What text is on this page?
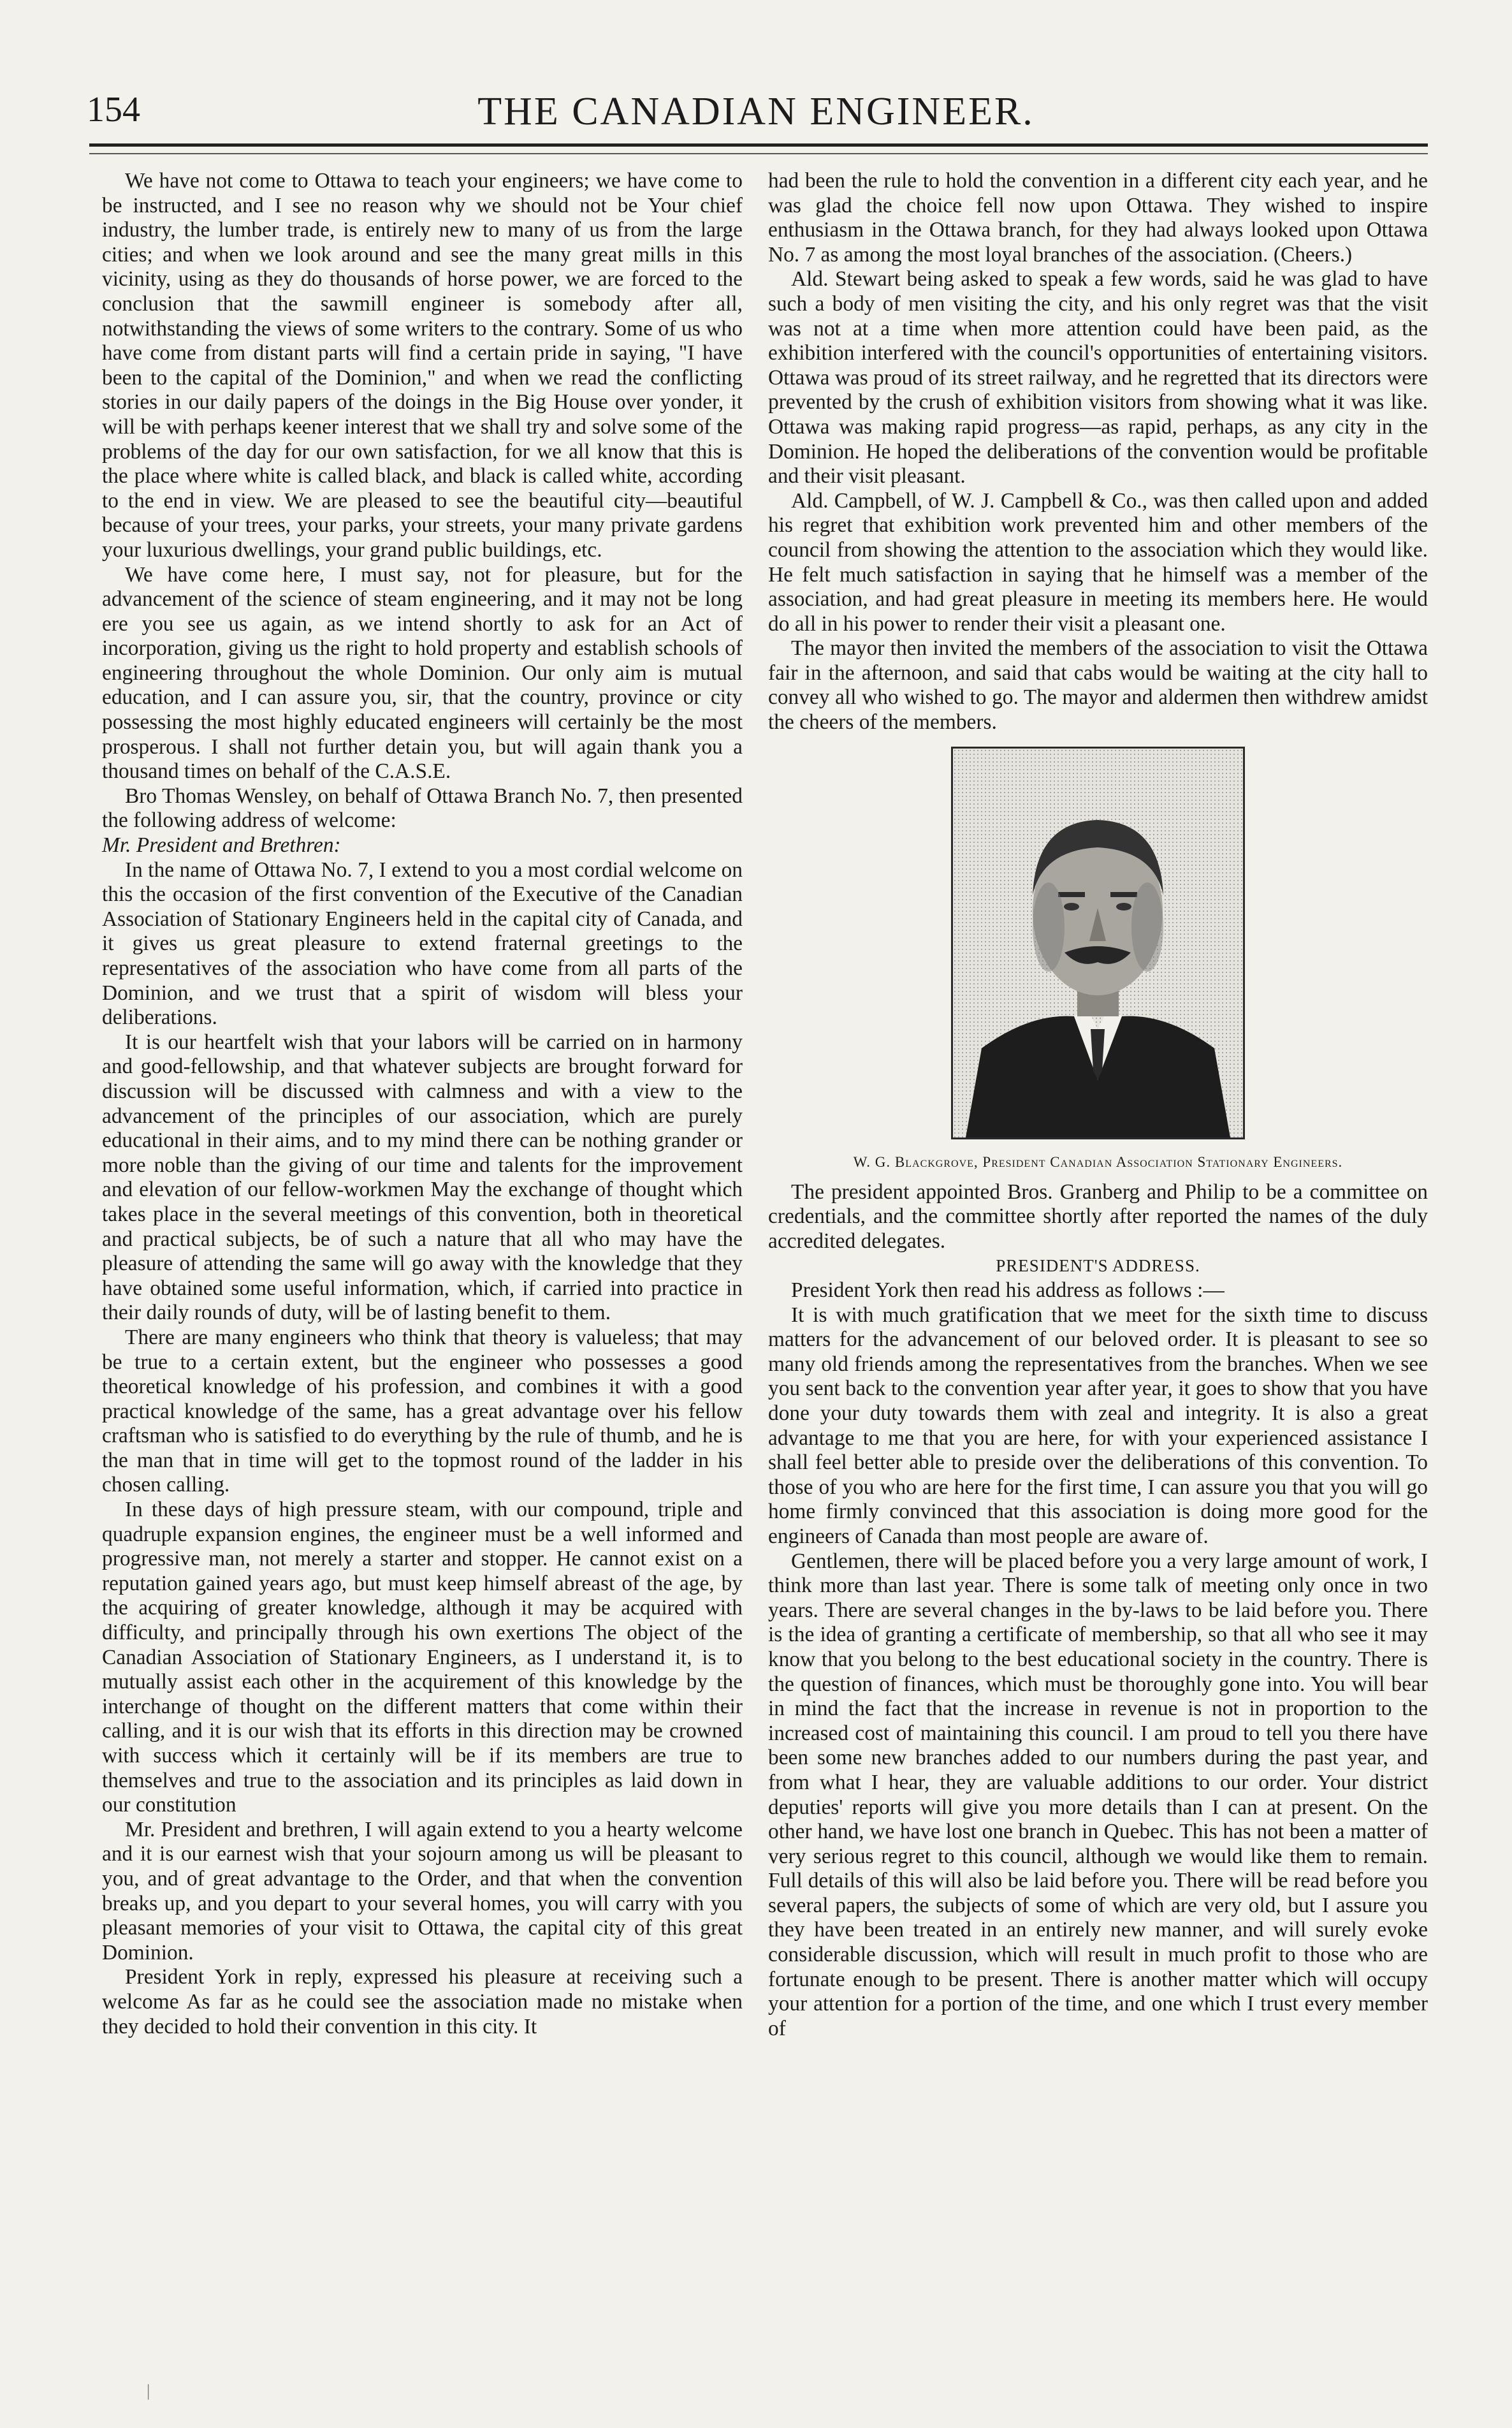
154	THE CANADIAN ENGINEER.

We have not come to Ottawa to teach your engineers; we have come to be instructed, and I see no reason why we should not be Your chief industry, the lumber trade, is entirely new to many of us from the large cities; and when we look around and see the many great mills in this vicinity, using as they do thousands of horse power, we are forced to the conclusion that the sawmill engineer is somebody after all, notwithstanding the views of some writers to the contrary. Some of us who have come from distant parts will find a certain pride in saying, "I have been to the capital of the Dominion," and when we read the conflicting stories in our daily papers of the doings in the Big House over yonder, it will be with perhaps keener interest that we shall try and solve some of the problems of the day for our own satisfaction, for we all know that this is the place where white is called black, and black is called white, according to the end in view. We are pleased to see the beautiful city—beautiful because of your trees, your parks, your streets, your many private gardens your luxurious dwellings, your grand public buildings, etc.

We have come here, I must say, not for pleasure, but for the advancement of the science of steam engineering, and it may not be long ere you see us again, as we intend shortly to ask for an Act of incorporation, giving us the right to hold property and establish schools of engineering throughout the whole Dominion. Our only aim is mutual education, and I can assure you, sir, that the country, province or city possessing the most highly educated engineers will certainly be the most prosperous. I shall not further detain you, but will again thank you a thousand times on behalf of the C.A.S.E.

Bro Thomas Wensley, on behalf of Ottawa Branch No. 7, then presented the following address of welcome:

Mr. President and Brethren:

In the name of Ottawa No. 7, I extend to you a most cordial welcome on this the occasion of the first convention of the Executive of the Canadian Association of Stationary Engineers held in the capital city of Canada, and it gives us great pleasure to extend fraternal greetings to the representatives of the association who have come from all parts of the Dominion, and we trust that a spirit of wisdom will bless your deliberations.

It is our heartfelt wish that your labors will be carried on in harmony and good-fellowship, and that whatever subjects are brought forward for discussion will be discussed with calmness and with a view to the advancement of the principles of our association, which are purely educational in their aims, and to my mind there can be nothing grander or more noble than the giving of our time and talents for the improvement and elevation of our fellow-workmen May the exchange of thought which takes place in the several meetings of this convention, both in theoretical and practical subjects, be of such a nature that all who may have the pleasure of attending the same will go away with the knowledge that they have obtained some useful information, which, if carried into practice in their daily rounds of duty, will be of lasting benefit to them.

There are many engineers who think that theory is valueless; that may be true to a certain extent, but the engineer who possesses a good theoretical knowledge of his profession, and combines it with a good practical knowledge of the same, has a great advantage over his fellow craftsman who is satisfied to do everything by the rule of thumb, and he is the man that in time will get to the topmost round of the ladder in his chosen calling.

In these days of high pressure steam, with our compound, triple and quadruple expansion engines, the engineer must be a well informed and progressive man, not merely a starter and stopper. He cannot exist on a reputation gained years ago, but must keep himself abreast of the age, by the acquiring of greater knowledge, although it may be acquired with difficulty, and principally through his own exertions The object of the Canadian Association of Stationary Engineers, as I understand it, is to mutually assist each other in the acquirement of this knowledge by the interchange of thought on the different matters that come within their calling, and it is our wish that its efforts in this direction may be crowned with success which it certainly will be if its members are true to themselves and true to the association and its principles as laid down in our constitution

Mr. President and brethren, I will again extend to you a hearty welcome and it is our earnest wish that your sojourn among us will be pleasant to you, and of great advantage to the Order, and that when the convention breaks up, and you depart to your several homes, you will carry with you pleasant memories of your visit to Ottawa, the capital city of this great Dominion.

President York in reply, expressed his pleasure at receiving such a welcome As far as he could see the association made no mistake when they decided to hold their convention in this city. It

had been the rule to hold the convention in a different city each year, and he was glad the choice fell now upon Ottawa. They wished to inspire enthusiasm in the Ottawa branch, for they had always looked upon Ottawa No. 7 as among the most loyal branches of the association. (Cheers.)

Ald. Stewart being asked to speak a few words, said he was glad to have such a body of men visiting the city, and his only regret was that the visit was not at a time when more attention could have been paid, as the exhibition interfered with the council's opportunities of entertaining visitors. Ottawa was proud of its street railway, and he regretted that its directors were prevented by the crush of exhibition visitors from showing what it was like. Ottawa was making rapid progress—as rapid, perhaps, as any city in the Dominion. He hoped the deliberations of the convention would be profitable and their visit pleasant.

Ald. Campbell, of W. J. Campbell & Co., was then called upon and added his regret that exhibition work prevented him and other members of the council from showing the attention to the association which they would like. He felt much satisfaction in saying that he himself was a member of the association, and had great pleasure in meeting its members here. He would do all in his power to render their visit a pleasant one.

The mayor then invited the members of the association to visit the Ottawa fair in the afternoon, and said that cabs would be waiting at the city hall to convey all who wished to go. The mayor and aldermen then withdrew amidst the cheers of the members.

W. G. Blackgrove, President Canadian Association Stationary Engineers.

The president appointed Bros. Granberg and Philip to be a committee on credentials, and the committee shortly after reported the names of the duly accredited delegates.

PRESIDENT'S ADDRESS.

President York then read his address as follows :—

It is with much gratification that we meet for the sixth time to discuss matters for the advancement of our beloved order. It is pleasant to see so many old friends among the representatives from the branches. When we see you sent back to the convention year after year, it goes to show that you have done your duty towards them with zeal and integrity. It is also a great advantage to me that you are here, for with your experienced assistance I shall feel better able to preside over the deliberations of this convention. To those of you who are here for the first time, I can assure you that you will go home firmly convinced that this association is doing more good for the engineers of Canada than most people are aware of.

Gentlemen, there will be placed before you a very large amount of work, I think more than last year. There is some talk of meeting only once in two years. There are several changes in the by-laws to be laid before you. There is the idea of granting a certificate of membership, so that all who see it may know that you belong to the best educational society in the country. There is the question of finances, which must be thoroughly gone into. You will bear in mind the fact that the increase in revenue is not in proportion to the increased cost of maintaining this council. I am proud to tell you there have been some new branches added to our numbers during the past year, and from what I hear, they are valuable additions to our order. Your district deputies' reports will give you more details than I can at present. On the other hand, we have lost one branch in Quebec. This has not been a matter of very serious regret to this council, although we would like them to remain. Full details of this will also be laid before you. There will be read before you several papers, the subjects of some of which are very old, but I assure you they have been treated in an entirely new manner, and will surely evoke considerable discussion, which will result in much profit to those who are fortunate enough to be present. There is another matter which will occupy your attention for a portion of the time, and one which I trust every member of

|
